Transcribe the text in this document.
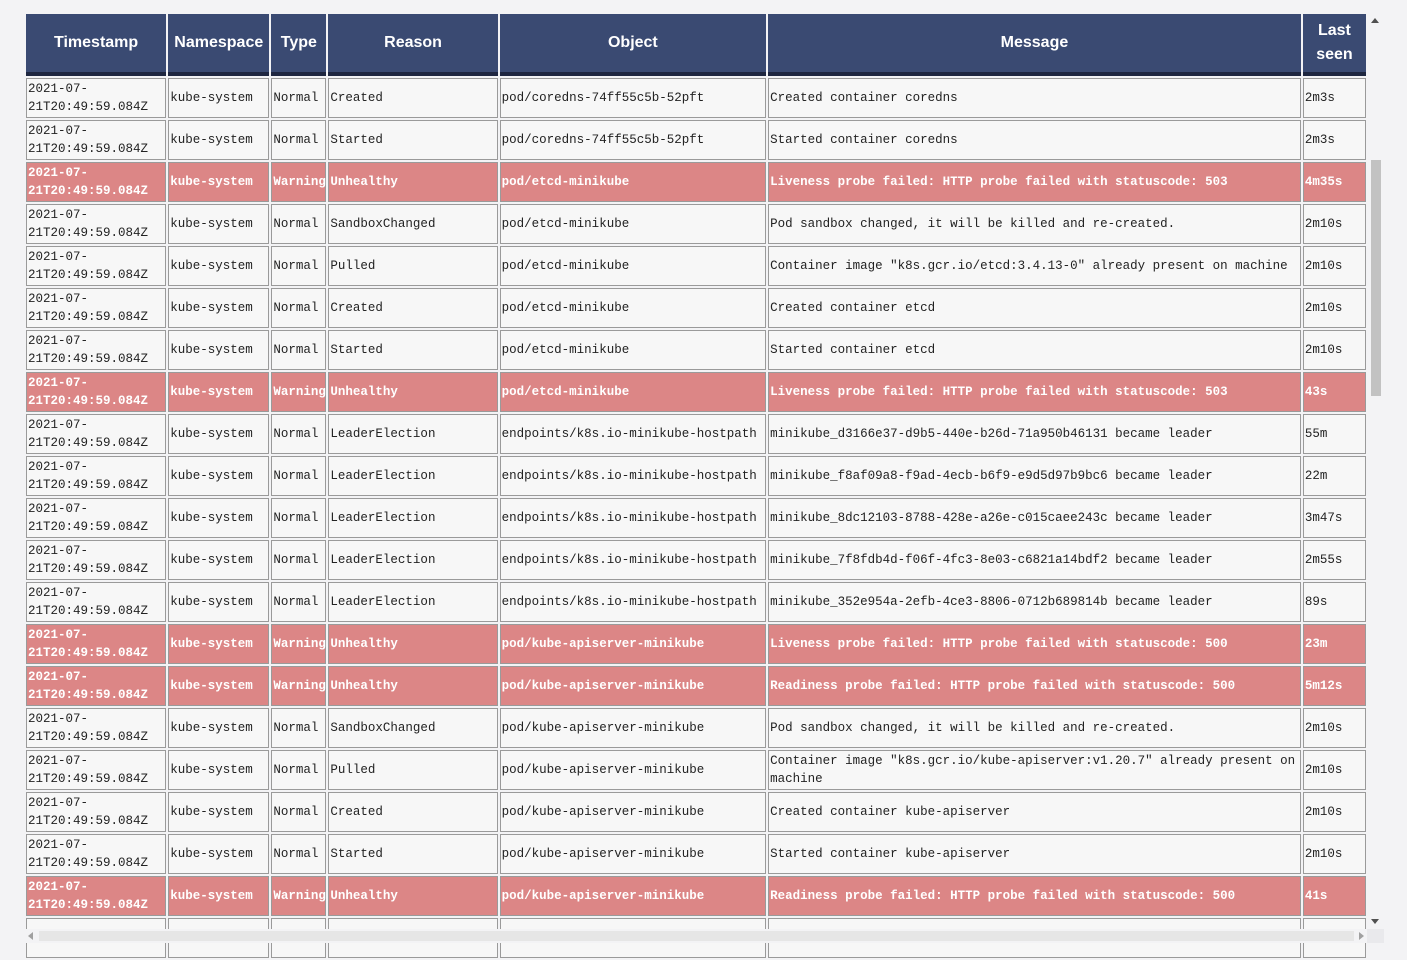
Timestamp	Namespace	Type	Reason	Object	Message	Last seen
2021-07-21T20:49:59.084Z	kube-system	Normal	Created	pod/coredns-74ff55c5b-52pft	Created container coredns	2m3s
2021-07-21T20:49:59.084Z	kube-system	Normal	Started	pod/coredns-74ff55c5b-52pft	Started container coredns	2m3s
2021-07-21T20:49:59.084Z	kube-system	Warning	Unhealthy	pod/etcd-minikube	Liveness probe failed: HTTP probe failed with statuscode: 503	4m35s
2021-07-21T20:49:59.084Z	kube-system	Normal	SandboxChanged	pod/etcd-minikube	Pod sandbox changed, it will be killed and re-created.	2m10s
2021-07-21T20:49:59.084Z	kube-system	Normal	Pulled	pod/etcd-minikube	Container image "k8s.gcr.io/etcd:3.4.13-0" already present on machine	2m10s
2021-07-21T20:49:59.084Z	kube-system	Normal	Created	pod/etcd-minikube	Created container etcd	2m10s
2021-07-21T20:49:59.084Z	kube-system	Normal	Started	pod/etcd-minikube	Started container etcd	2m10s
2021-07-21T20:49:59.084Z	kube-system	Warning	Unhealthy	pod/etcd-minikube	Liveness probe failed: HTTP probe failed with statuscode: 503	43s
2021-07-21T20:49:59.084Z	kube-system	Normal	LeaderElection	endpoints/k8s.io-minikube-hostpath	minikube_d3166e37-d9b5-440e-b26d-71a950b46131 became leader	55m
2021-07-21T20:49:59.084Z	kube-system	Normal	LeaderElection	endpoints/k8s.io-minikube-hostpath	minikube_f8af09a8-f9ad-4ecb-b6f9-e9d5d97b9bc6 became leader	22m
2021-07-21T20:49:59.084Z	kube-system	Normal	LeaderElection	endpoints/k8s.io-minikube-hostpath	minikube_8dc12103-8788-428e-a26e-c015caee243c became leader	3m47s
2021-07-21T20:49:59.084Z	kube-system	Normal	LeaderElection	endpoints/k8s.io-minikube-hostpath	minikube_7f8fdb4d-f06f-4fc3-8e03-c6821a14bdf2 became leader	2m55s
2021-07-21T20:49:59.084Z	kube-system	Normal	LeaderElection	endpoints/k8s.io-minikube-hostpath	minikube_352e954a-2efb-4ce3-8806-0712b689814b became leader	89s
2021-07-21T20:49:59.084Z	kube-system	Warning	Unhealthy	pod/kube-apiserver-minikube	Liveness probe failed: HTTP probe failed with statuscode: 500	23m
2021-07-21T20:49:59.084Z	kube-system	Warning	Unhealthy	pod/kube-apiserver-minikube	Readiness probe failed: HTTP probe failed with statuscode: 500	5m12s
2021-07-21T20:49:59.084Z	kube-system	Normal	SandboxChanged	pod/kube-apiserver-minikube	Pod sandbox changed, it will be killed and re-created.	2m10s
2021-07-21T20:49:59.084Z	kube-system	Normal	Pulled	pod/kube-apiserver-minikube	Container image "k8s.gcr.io/kube-apiserver:v1.20.7" already present on machine	2m10s
2021-07-21T20:49:59.084Z	kube-system	Normal	Created	pod/kube-apiserver-minikube	Created container kube-apiserver	2m10s
2021-07-21T20:49:59.084Z	kube-system	Normal	Started	pod/kube-apiserver-minikube	Started container kube-apiserver	2m10s
2021-07-21T20:49:59.084Z	kube-system	Warning	Unhealthy	pod/kube-apiserver-minikube	Readiness probe failed: HTTP probe failed with statuscode: 500	41s
